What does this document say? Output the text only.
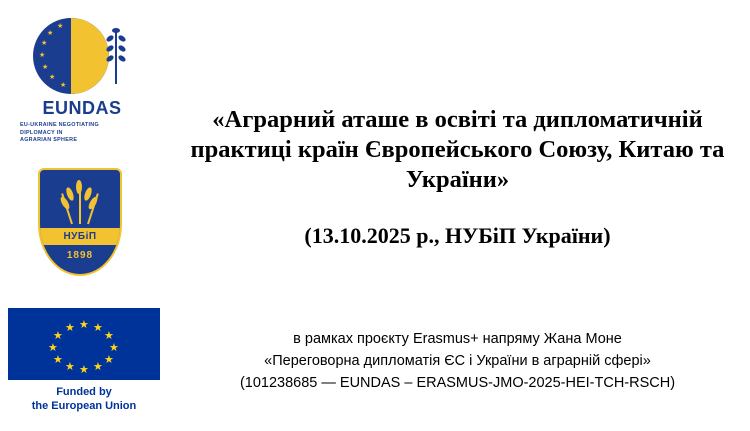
★
★
★
★
★
★
★
EUNDAS
EU-UKRAINE NEGOTIATING
DIPLOMACY IN
AGRARIAN SPHERE
НУБіП
1898
★
★
★
★
★
★ ★ ★
★
★
★
★
Funded by
the European Union
«Аграрний аташе в освіті та дипломатичній практиці країн Європейського Союзу, Китаю та України»
(13.10.2025 р., НУБіП України)
в рамках проєкту Erasmus+ напряму Жана Моне
«Переговорна дипломатія ЄС і України в аграрній сфері»
(101238685 — EUNDAS – ERASMUS-JMO-2025-HEI-TCH-RSCH)
